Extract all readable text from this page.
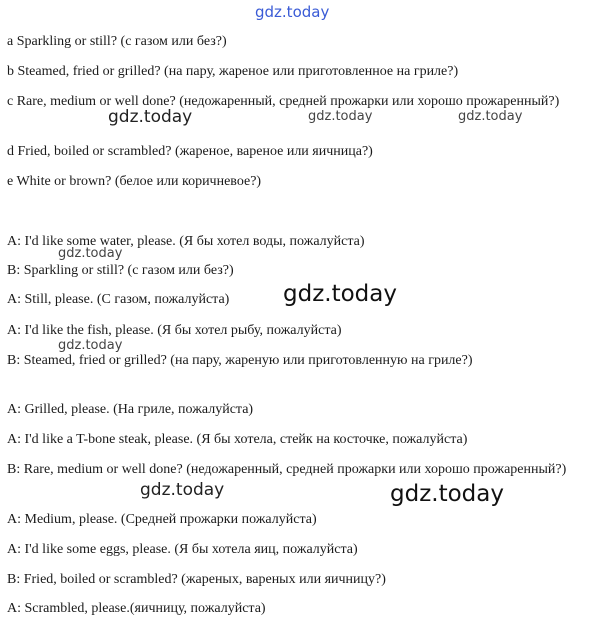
gdz.today
gdz.today	gdz.today	gdz.today
gdz.today
gdz.today
gdz.today
gdz.today	gdz.today
a Sparkling or still? (с газом или без?)
b Steamed, fried or grilled? (на пару, жареное или приготовленное на гриле?)
c Rare, medium or well done? (недожаренный, средней прожарки или хорошо прожаренный?)
d Fried, boiled or scrambled? (жареное, вареное или яичница?)
e White or brown? (белое или коричневое?)
A: I'd like some water, please. (Я бы хотел воды, пожалуйста)
B: Sparkling or still? (с газом или без?)
A: Still, please. (С газом, пожалуйста)
A: I'd like the fish, please. (Я бы хотел рыбу, пожалуйста)
B: Steamed, fried or grilled? (на пару, жареную или приготовленную на гриле?)
A: Grilled, please. (На гриле, пожалуйста)
A: I'd like a T-bone steak, please. (Я бы хотела, стейк на косточке, пожалуйста)
B: Rare, medium or well done? (недожаренный, средней прожарки или хорошо прожаренный?)
A: Medium, please. (Средней прожарки пожалуйста)
A: I'd like some eggs, please. (Я бы хотела яиц, пожалуйста)
B: Fried, boiled or scrambled? (жареных, вареных или яичницу?)
A: Scrambled, please.(яичницу, пожалуйста)
